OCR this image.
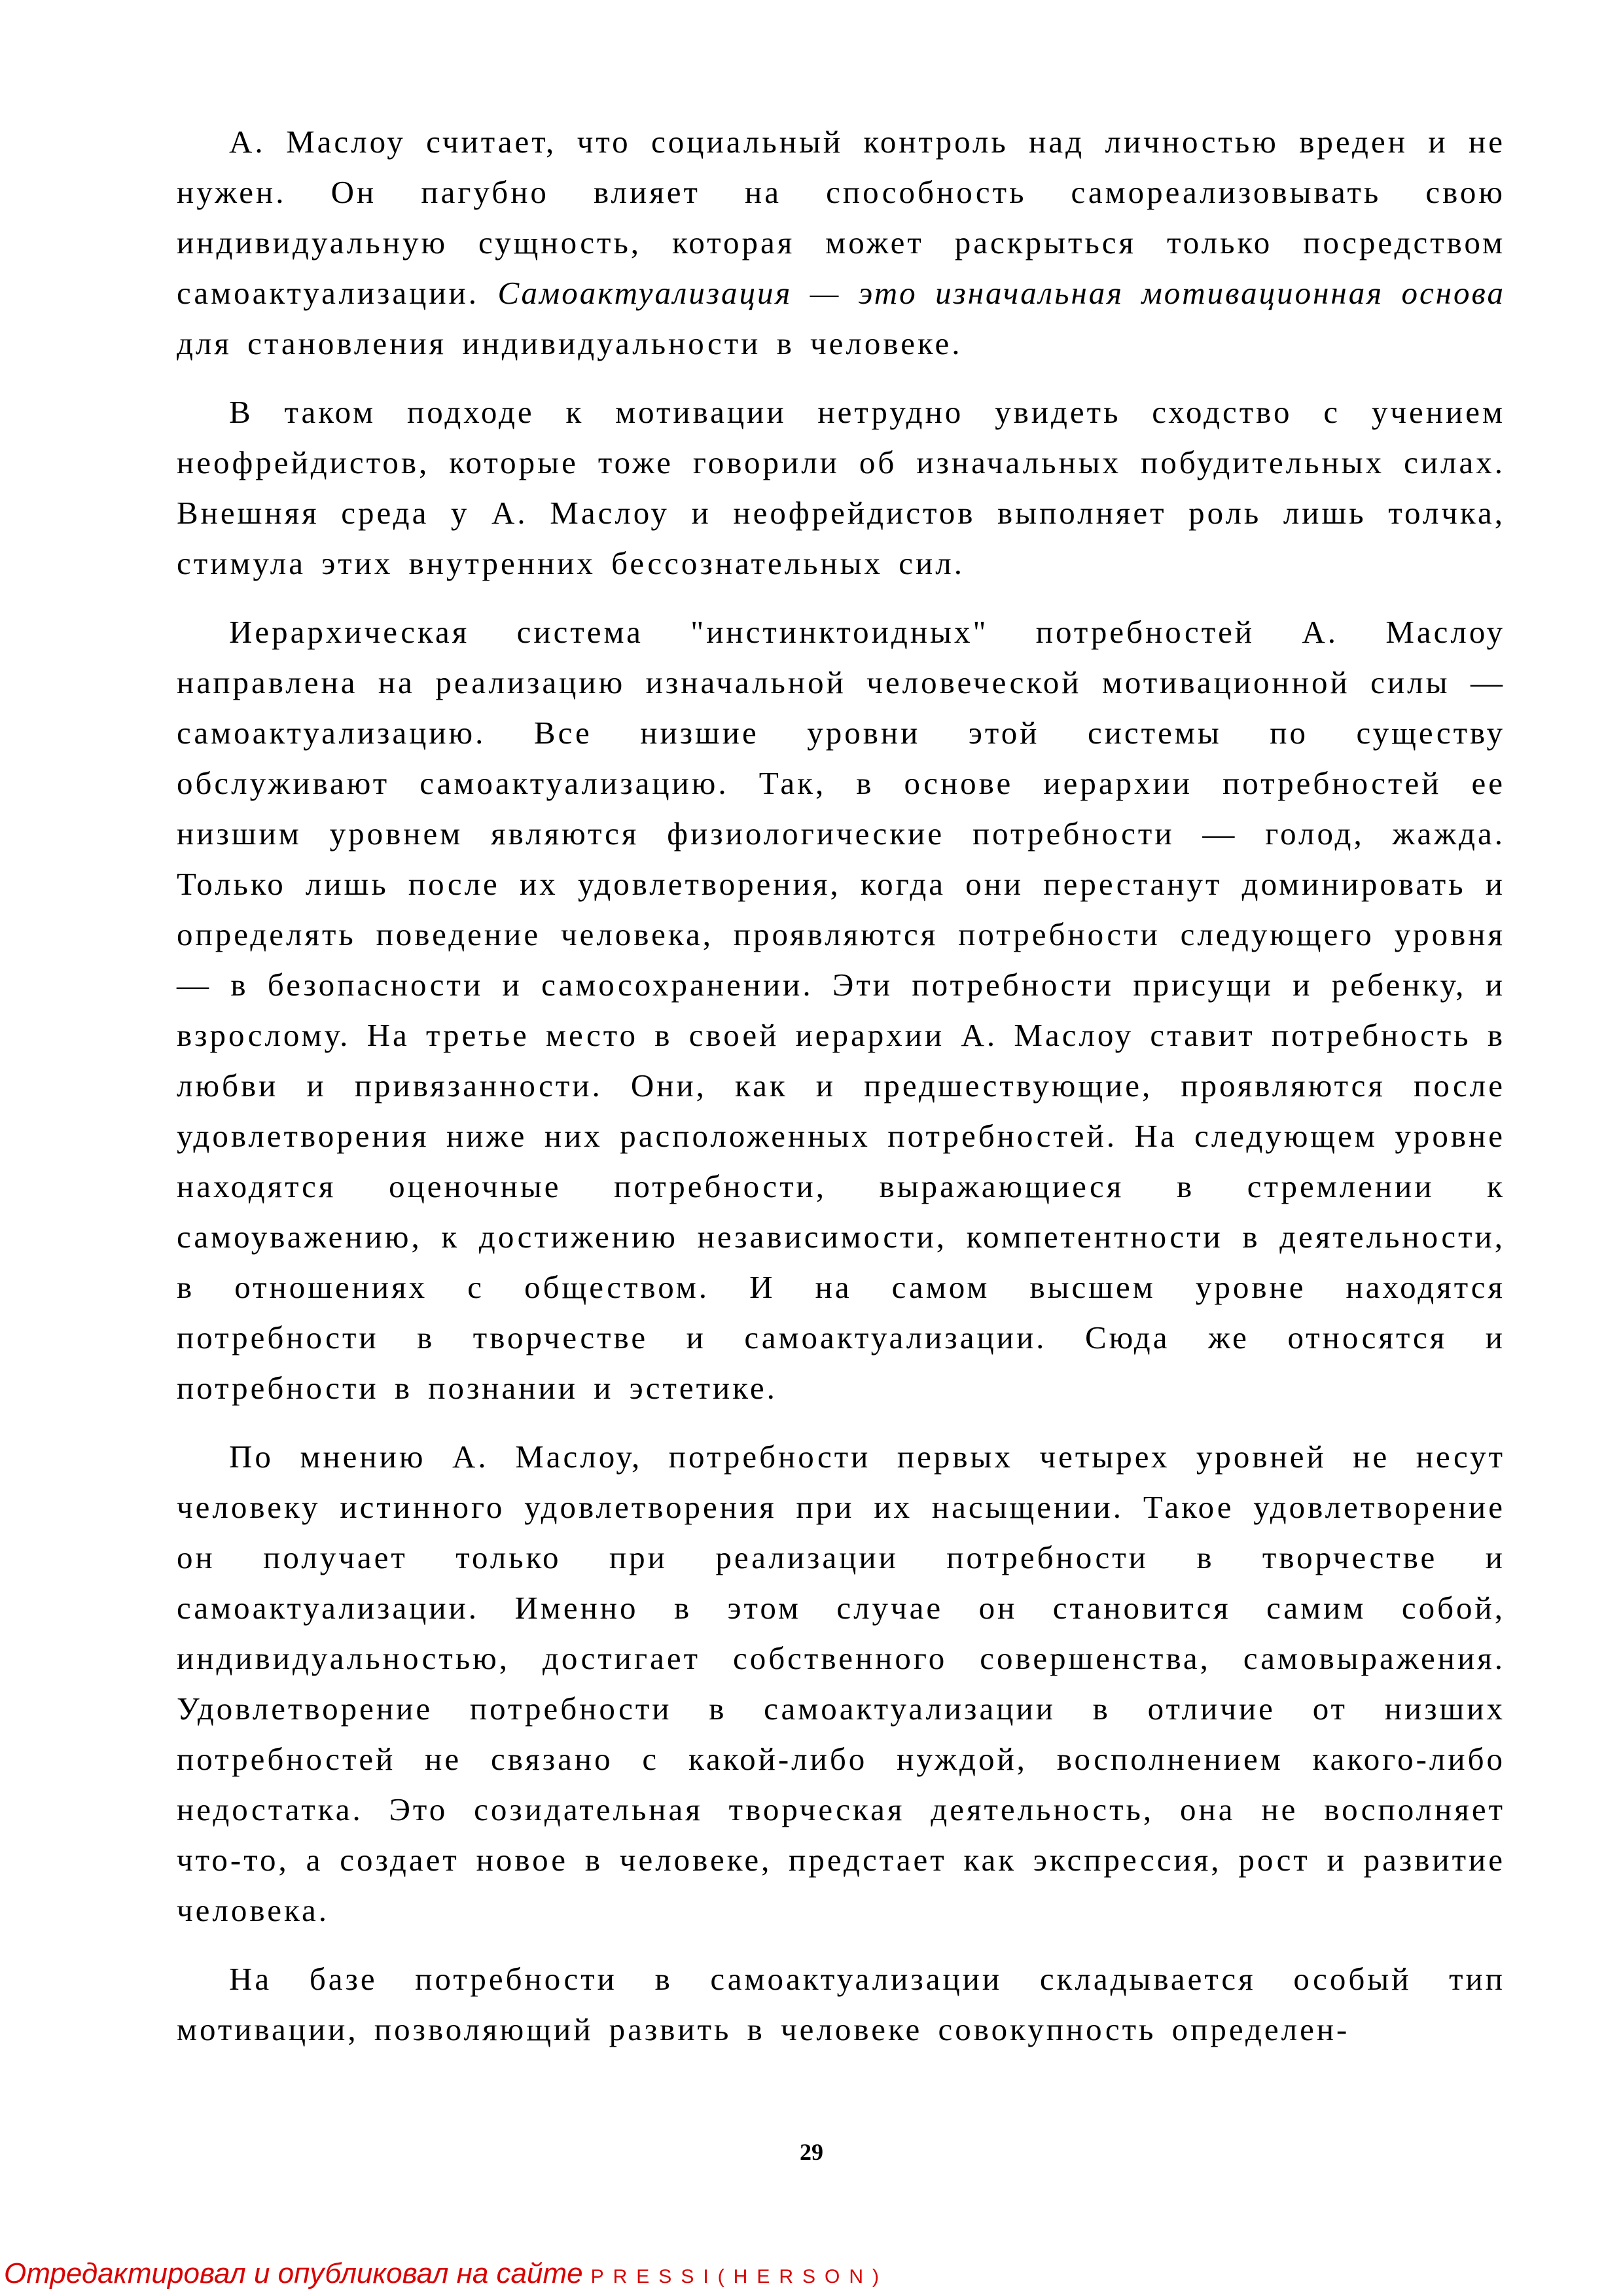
А. Маслоу считает, что социальный контроль над личностью вреден и не нужен. Он пагубно влияет на способность самореализовывать свою индивидуальную сущность, которая может раскрыться только посредством самоактуализации. Самоактуализация — это изначальная мотивационная основа для становления индивидуальности в человеке.

В таком подходе к мотивации нетрудно увидеть сходство с учением неофрейдистов, которые тоже говорили об изначальных побудительных силах. Внешняя среда у А. Маслоу и неофрейдистов выполняет роль лишь толчка, стимула этих внутренних бессознательных сил.

Иерархическая система "инстинктоидных" потребностей А. Маслоу направлена на реализацию изначальной человеческой мотивационной силы — самоактуализацию. Все низшие уровни этой системы по существу обслуживают самоактуализацию. Так, в основе иерархии потребностей ее низшим уровнем являются физиологические потребности — голод, жажда. Только лишь после их удовлетворения, когда они перестанут доминировать и определять поведение человека, проявляются потребности следующего уровня — в безопасности и самосохранении. Эти потребности присущи и ребенку, и взрослому. На третье место в своей иерархии А. Маслоу ставит потребность в любви и привязанности. Они, как и предшествующие, проявляются после удовлетворения ниже них расположенных потребностей. На следующем уровне находятся оценочные потребности, выражающиеся в стремлении к самоуважению, к достижению независимости, компетентности в деятельности, в отношениях с обществом. И на самом высшем уровне находятся потребности в творчестве и самоактуализации. Сюда же относятся и потребности в познании и эстетике.

По мнению А. Маслоу, потребности первых четырех уровней не несут человеку истинного удовлетворения при их насыщении. Такое удовлетворение он получает только при реализации потребности в творчестве и самоактуализации. Именно в этом случае он становится самим собой, индивидуальностью, достигает собственного совершенства, самовыражения. Удовлетворение потребности в самоактуализации в отличие от низших потребностей не связано с какой-либо нуждой, восполнением какого-либо недостатка. Это созидательная творческая деятельность, она не восполняет что-то, а создает новое в человеке, предстает как экспрессия, рост и развитие человека.

На базе потребности в самоактуализации складывается особый тип мотивации, позволяющий развить в человеке совокупность определен-

29
Отредактировал и опубликовал на сайте PRESSI(HERSON)
